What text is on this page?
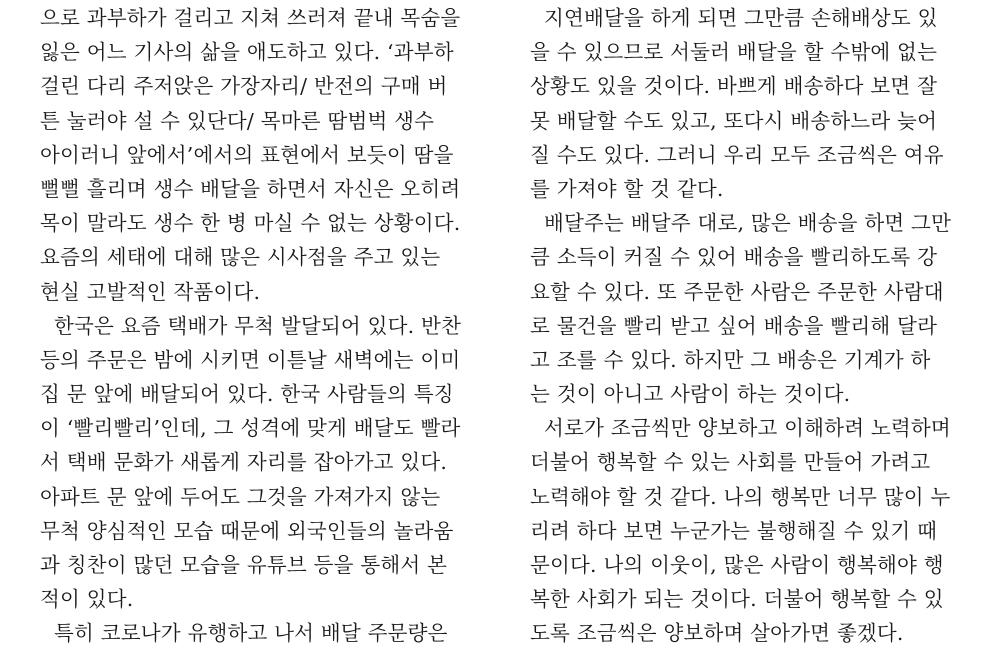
으로 과부하가 걸리고 지쳐 쓰러져 끝내 목숨을
잃은 어느 기사의 삶을 애도하고 있다. ‘과부하
걸린 다리 주저앉은 가장자리/ 반전의 구매 버
튼 눌러야 설 수 있단다/ 목마른 땀범벅 생수
아이러니 앞에서’에서의 표현에서 보듯이 땀을
뻘뻘 흘리며 생수 배달을 하면서 자신은 오히려
목이 말라도 생수 한 병 마실 수 없는 상황이다.
요즘의 세태에 대해 많은 시사점을 주고 있는
현실 고발적인 작품이다.
한국은 요즘 택배가 무척 발달되어 있다. 반찬
등의 주문은 밤에 시키면 이튿날 새벽에는 이미
집 문 앞에 배달되어 있다. 한국 사람들의 특징
이 ‘빨리빨리’인데, 그 성격에 맞게 배달도 빨라
서 택배 문화가 새롭게 자리를 잡아가고 있다.
아파트 문 앞에 두어도 그것을 가져가지 않는
무척 양심적인 모습 때문에 외국인들의 놀라움
과 칭찬이 많던 모습을 유튜브 등을 통해서 본
적이 있다.
특히 코로나가 유행하고 나서 배달 주문량은
지연배달을 하게 되면 그만큼 손해배상도 있
을 수 있으므로 서둘러 배달을 할 수밖에 없는
상황도 있을 것이다. 바쁘게 배송하다 보면 잘
못 배달할 수도 있고, 또다시 배송하느라 늦어
질 수도 있다. 그러니 우리 모두 조금씩은 여유
를 가져야 할 것 같다.
배달주는 배달주 대로, 많은 배송을 하면 그만
큼 소득이 커질 수 있어 배송을 빨리하도록 강
요할 수 있다. 또 주문한 사람은 주문한 사람대
로 물건을 빨리 받고 싶어 배송을 빨리해 달라
고 조를 수 있다. 하지만 그 배송은 기계가 하
는 것이 아니고 사람이 하는 것이다.
서로가 조금씩만 양보하고 이해하려 노력하며
더불어 행복할 수 있는 사회를 만들어 가려고
노력해야 할 것 같다. 나의 행복만 너무 많이 누
리려 하다 보면 누군가는 불행해질 수 있기 때
문이다. 나의 이웃이, 많은 사람이 행복해야 행
복한 사회가 되는 것이다. 더불어 행복할 수 있
도록 조금씩은 양보하며 살아가면 좋겠다.
